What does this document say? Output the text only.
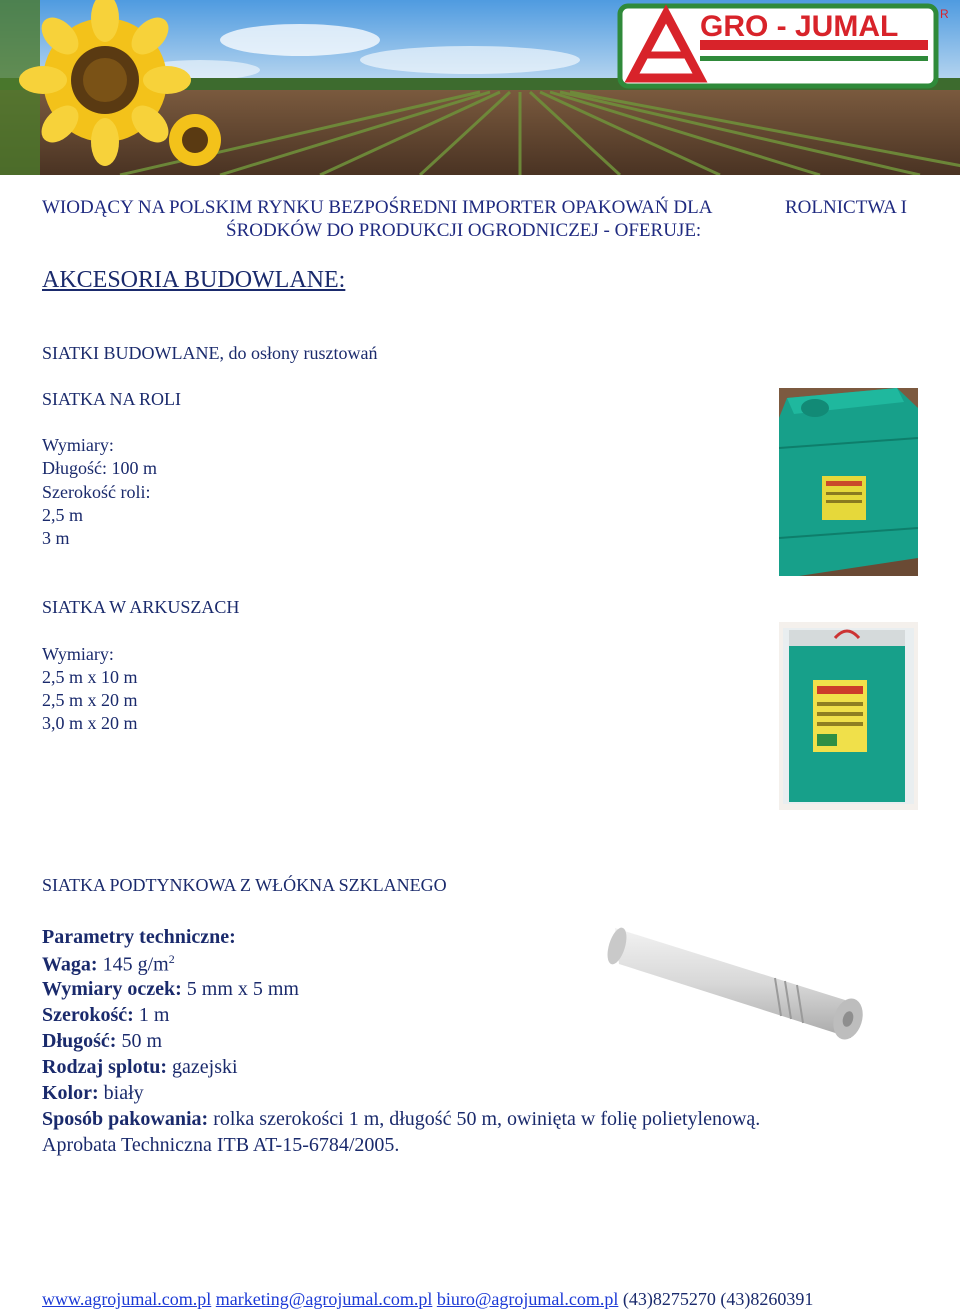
GRO - JUMAL	R
WIODĄCY NA POLSKIM RYNKU BEZPOŚREDNI IMPORTER OPAKOWAŃ DLA	ROLNICTWA I
ŚRODKÓW DO PRODUKCJI OGRODNICZEJ - OFERUJE:
AKCESORIA BUDOWLANE:
SIATKI BUDOWLANE, do osłony rusztowań
SIATKA NA ROLI
Wymiary:
Długość: 100 m
Szerokość roli:
2,5 m
3 m
SIATKA W ARKUSZACH
Wymiary:
2,5 m x 10 m
2,5 m x 20 m
3,0 m x 20 m
SIATKA PODTYNKOWA Z WŁÓKNA SZKLANEGO
Parametry techniczne:
Waga: 145 $g/m^2$
Wymiary oczek: 5 mm x 5 mm
Szerokość: 1 m
Długość: 50 m
Rodzaj splotu: gazejski
Kolor: biały
Sposób pakowania: rolka szerokości 1 m, długość 50 m, owinięta w folię polietylenową.
Aprobata Techniczna ITB AT-15-6784/2005.
www.agrojumal.com.pl marketing@agrojumal.com.pl biuro@agrojumal.com.pl (43)8275270 (43)8260391
